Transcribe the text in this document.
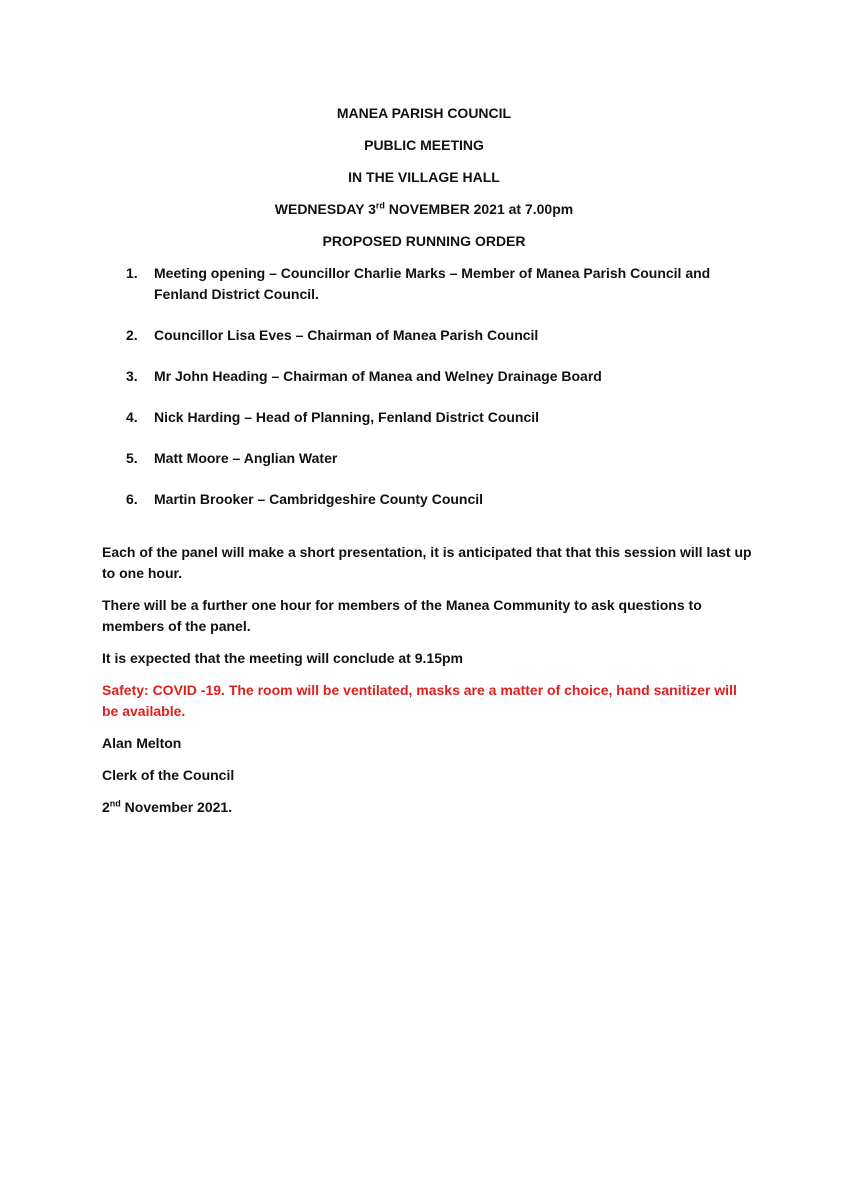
MANEA PARISH COUNCIL
PUBLIC MEETING
IN THE VILLAGE HALL
WEDNESDAY 3rd NOVEMBER 2021 at 7.00pm
PROPOSED RUNNING ORDER
1. Meeting opening – Councillor Charlie Marks – Member of Manea Parish Council and Fenland District Council.
2. Councillor Lisa Eves – Chairman of Manea Parish Council
3. Mr John Heading – Chairman of Manea and Welney Drainage Board
4. Nick Harding – Head of Planning, Fenland District Council
5. Matt Moore – Anglian Water
6. Martin Brooker – Cambridgeshire County Council

Each of the panel will make a short presentation, it is anticipated that that this session will last up to one hour.

There will be a further one hour for members of the Manea Community to ask questions to members of the panel.

It is expected that the meeting will conclude at 9.15pm

Safety: COVID -19. The room will be ventilated, masks are a matter of choice, hand sanitizer will be available.

Alan Melton

Clerk of the Council

2nd November 2021.
